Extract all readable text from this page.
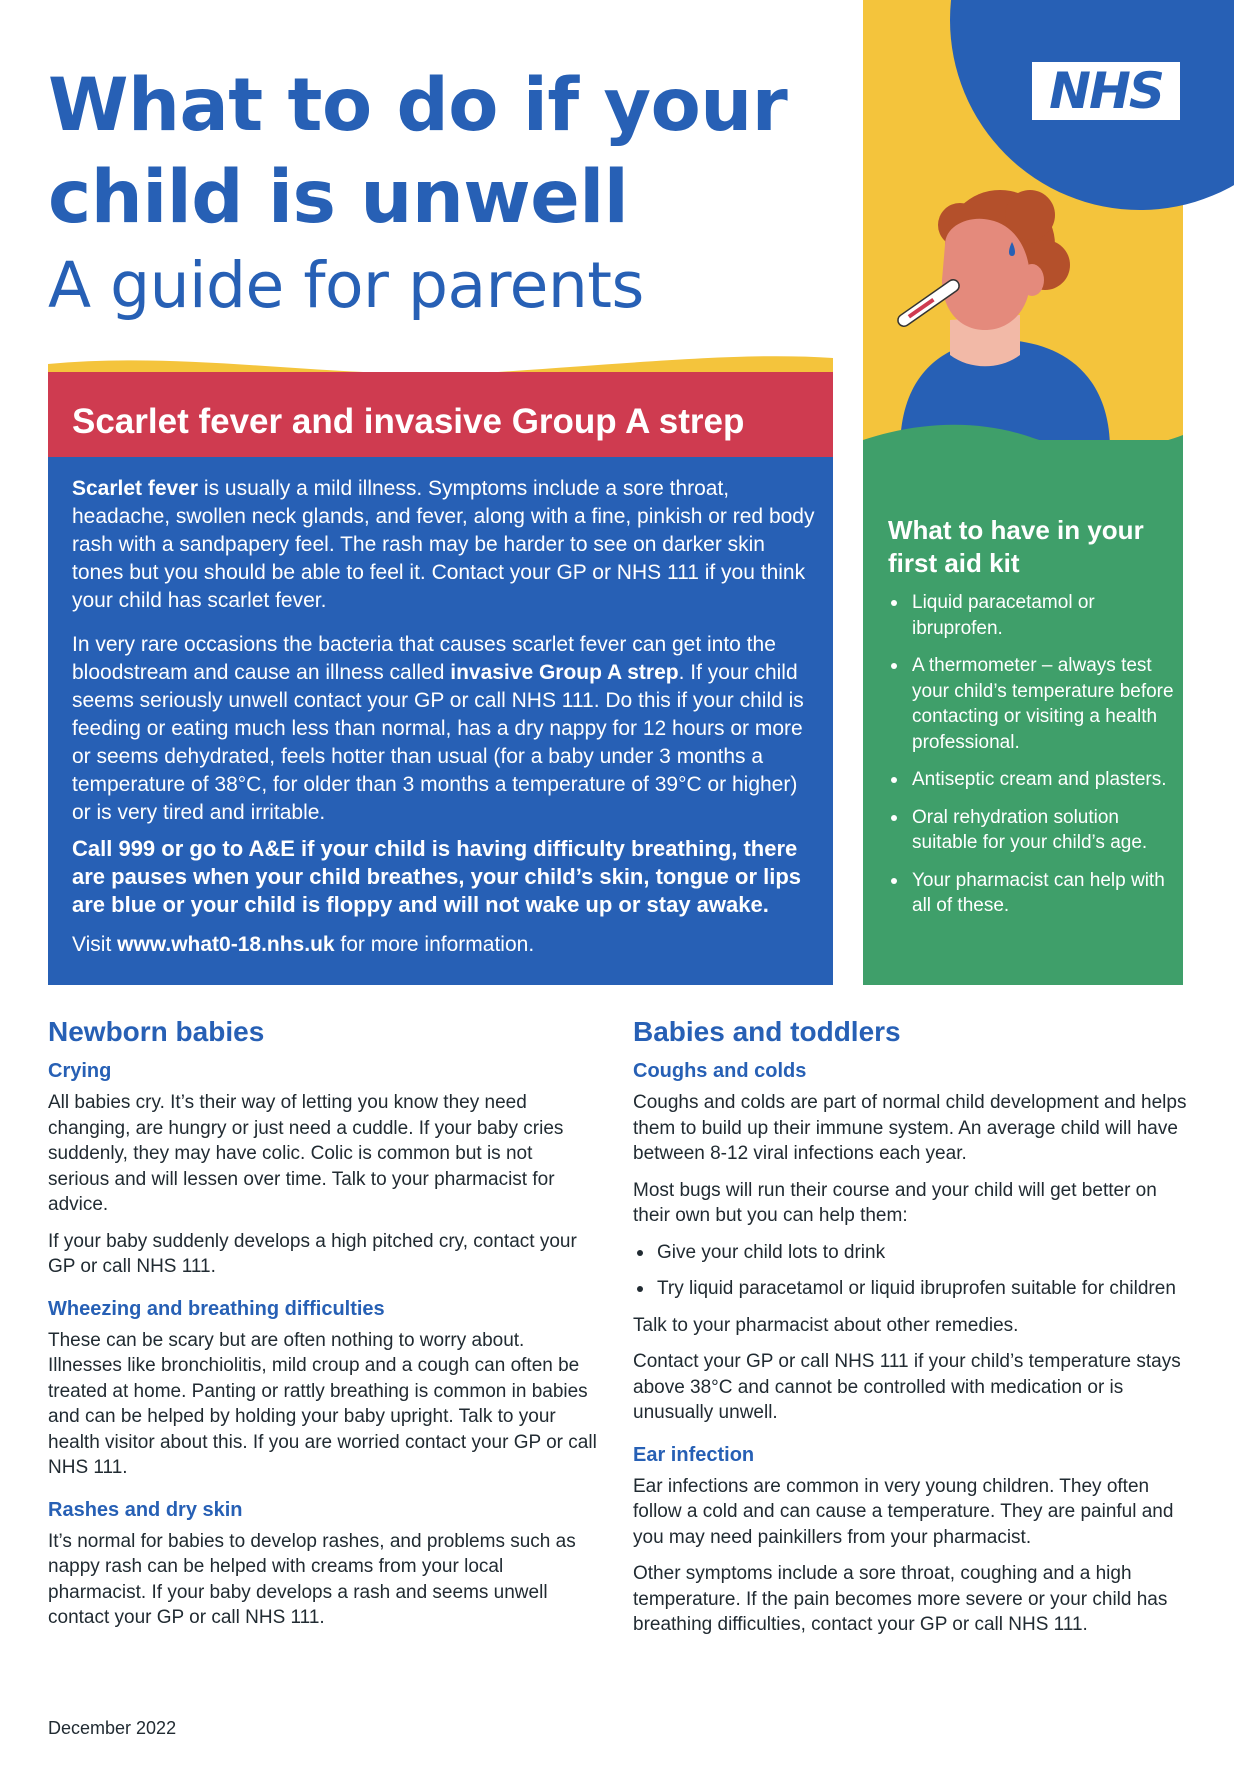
NHS
What to have in your first aid kit
Liquid paracetamol or ibruprofen.
A thermometer – always test your child’s temperature before contacting or visiting a health professional.
Antiseptic cream and plasters.
Oral rehydration solution suitable for your child’s age.
Your pharmacist can help with all of these.
What to do if your
child is unwell
A guide for parents
Scarlet fever and invasive Group A strep

Scarlet fever is usually a mild illness. Symptoms include a sore throat, headache, swollen neck glands, and fever, along with a fine, pinkish or red body rash with a sandpapery feel. The rash may be harder to see on darker skin tones but you should be able to feel it. Contact your GP or NHS 111 if you think your child has scarlet fever.

In very rare occasions the bacteria that causes scarlet fever can get into the bloodstream and cause an illness called invasive Group A strep. If your child seems seriously unwell contact your GP or call NHS 111. Do this if your child is feeding or eating much less than normal, has a dry nappy for 12 hours or more or seems dehydrated, feels hotter than usual (for a baby under 3 months a temperature of 38°C, for older than 3 months a temperature of 39°C or higher) or is very tired and irritable.

Call 999 or go to A&E if your child is having difficulty breathing, there are pauses when your child breathes, your child’s skin, tongue or lips are blue or your child is floppy and will not wake up or stay awake.

Visit www.what0-18.nhs.uk for more information.

Newborn babies
Crying

All babies cry. It’s their way of letting you know they need changing, are hungry or just need a cuddle. If your baby cries suddenly, they may have colic. Colic is common but is not serious and will lessen over time. Talk to your pharmacist for advice.

If your baby suddenly develops a high pitched cry, contact your GP or call NHS 111.

Wheezing and breathing difficulties

These can be scary but are often nothing to worry about. Illnesses like bronchiolitis, mild croup and a cough can often be treated at home. Panting or rattly breathing is common in babies and can be helped by holding your baby upright. Talk to your health visitor about this. If you are worried contact your GP or call NHS 111.

Rashes and dry skin

It’s normal for babies to develop rashes, and problems such as nappy rash can be helped with creams from your local pharmacist. If your baby develops a rash and seems unwell contact your GP or call NHS 111.

Babies and toddlers
Coughs and colds

Coughs and colds are part of normal child development and helps them to build up their immune system. An average child will have between 8-12 viral infections each year.

Most bugs will run their course and your child will get better on their own but you can help them:

Give your child lots to drink

Try liquid paracetamol or liquid ibruprofen suitable for children

Talk to your pharmacist about other remedies.

Contact your GP or call NHS 111 if your child’s temperature stays above 38°C and cannot be controlled with medication or is unusually unwell.

Ear infection

Ear infections are common in very young children. They often follow a cold and can cause a temperature. They are painful and you may need painkillers from your pharmacist.

Other symptoms include a sore throat, coughing and a high temperature. If the pain becomes more severe or your child has breathing difficulties, contact your GP or call NHS 111.

December 2022
